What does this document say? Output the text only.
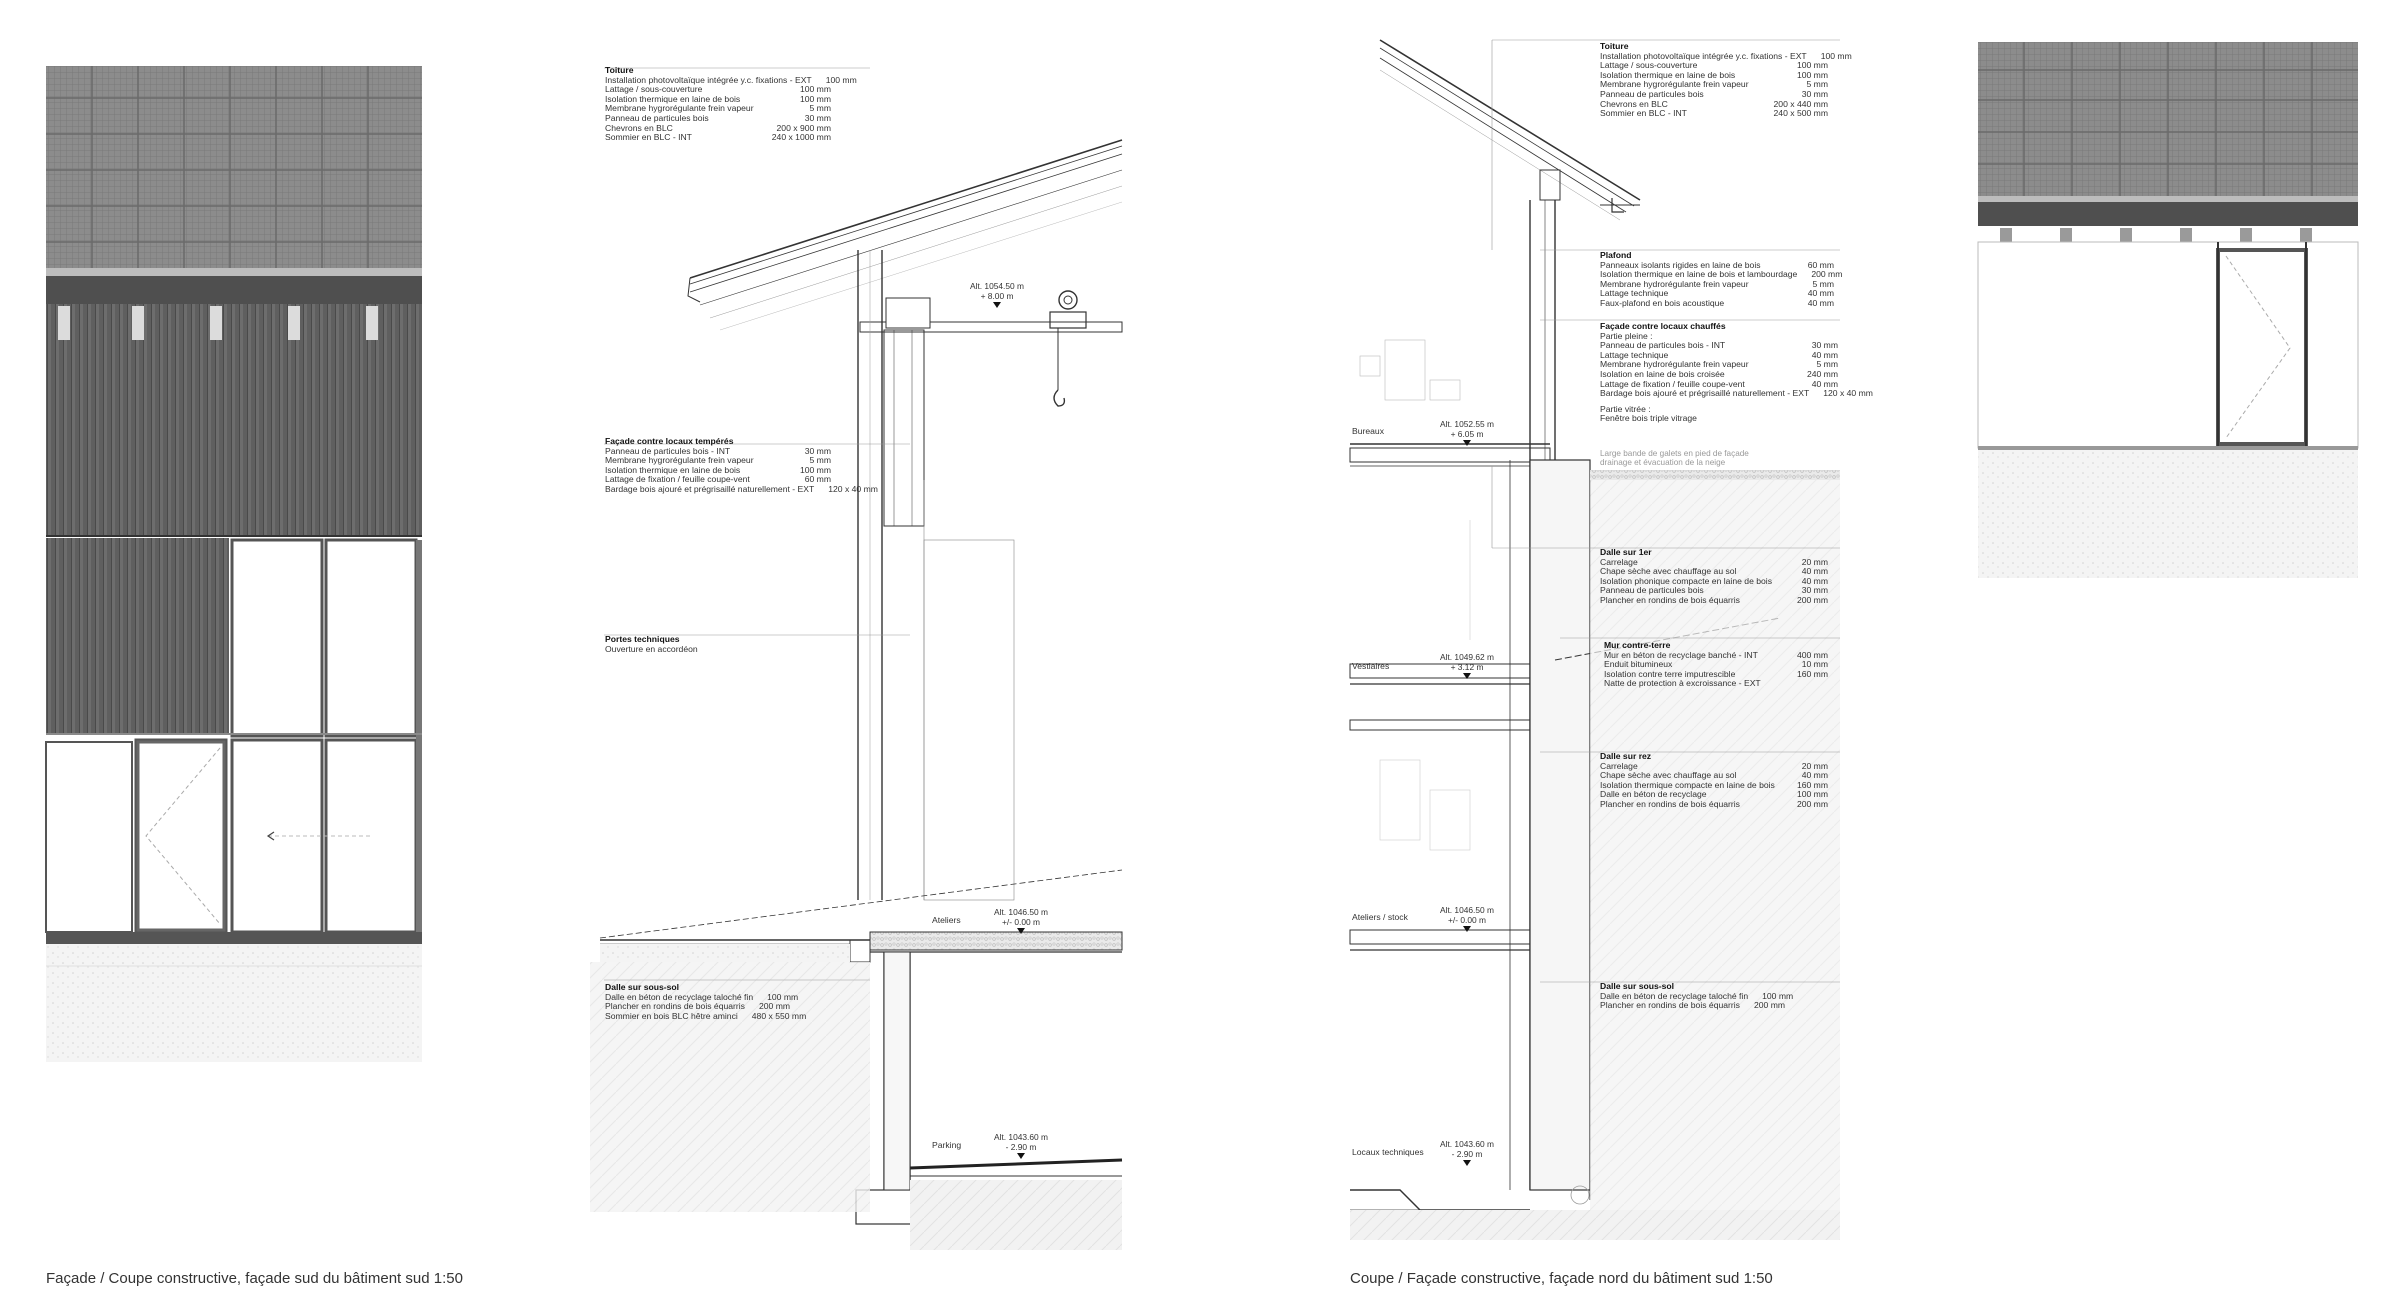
Toiture
Installation photovoltaïque intégrée y.c. fixations - EXT 100 mm
Lattage / sous-couverture	100 mm
Isolation thermique en laine de bois	100 mm
Membrane hygrorégulante frein vapeur	5 mm
Panneau de particules bois	30 mm
Chevrons en BLC	200 x 900 mm
Sommier en BLC - INT	240 x 1000 mm
Façade contre locaux tempérés
Panneau de particules bois - INT	30 mm
Membrane hygrorégulante frein vapeur	5 mm
Isolation thermique en laine de bois	100 mm
Lattage de fixation / feuille coupe-vent	60 mm
Bardage bois ajouré et prégrisaillé naturellement - EXT 120 x 40 mm
Portes techniques
Ouverture en accordéon
Dalle sur sous-sol
Dalle en béton de recyclage taloché fin 100 mm
Plancher en rondins de bois équarris 200 mm
Sommier en bois BLC hêtre aminci 480 x 550 mm
Alt. 1054.50 m
+ 8.00 m
Alt. 1046.50 m
+/- 0.00 m
Alt. 1043.60 m
- 2.90 m
Ateliers
Parking
Toiture
Installation photovoltaïque intégrée y.c. fixations - EXT 100 mm
Lattage / sous-couverture	100 mm
Isolation thermique en laine de bois	100 mm
Membrane hygrorégulante frein vapeur	5 mm
Panneau de particules bois	30 mm
Chevrons en BLC	200 x 440 mm
Sommier en BLC - INT	240 x 500 mm
Plafond
Panneaux isolants rigides en laine de bois	60 mm
Isolation thermique en laine de bois et lambourdage 200 mm
Membrane hydrorégulante frein vapeur	5 mm
Lattage technique	40 mm
Faux-plafond en bois acoustique	40 mm
Façade contre locaux chauffés
Partie pleine :
Panneau de particules bois - INT	30 mm
Lattage technique	40 mm
Membrane hydrorégulante frein vapeur	5 mm
Isolation en laine de bois croisée	240 mm
Lattage de fixation / feuille coupe-vent	40 mm
Bardage bois ajouré et prégrisaillé naturellement - EXT 120 x 40 mm
Partie vitrée :
Fenêtre bois triple vitrage
Large bande de galets en pied de façade
drainage et évacuation de la neige
Dalle sur 1er
Carrelage	20 mm
Chape sèche avec chauffage au sol	40 mm
Isolation phonique compacte en laine de bois	40 mm
Panneau de particules bois	30 mm
Plancher en rondins de bois équarris	200 mm
Mur contre-terre
Mur en béton de recyclage banché - INT	400 mm
Enduit bitumineux	10 mm
Isolation contre terre imputrescible	160 mm
Natte de protection à excroissance - EXT
Dalle sur rez
Carrelage	20 mm
Chape sèche avec chauffage au sol	40 mm
Isolation thermique compacte en laine de bois	160 mm
Dalle en béton de recyclage	100 mm
Plancher en rondins de bois équarris	200 mm
Dalle sur sous-sol
Dalle en béton de recyclage taloché fin 100 mm
Plancher en rondins de bois équarris 200 mm
Alt. 1052.55 m
+ 6.05 m
Alt. 1049.62 m
+ 3.12 m
Alt. 1046.50 m
+/- 0.00 m
Alt. 1043.60 m
- 2.90 m
Bureaux
Vestiaires
Ateliers / stock
Locaux techniques
Façade / Coupe constructive, façade sud du bâtiment sud 1:50	Coupe / Façade constructive, façade nord du bâtiment sud 1:50
